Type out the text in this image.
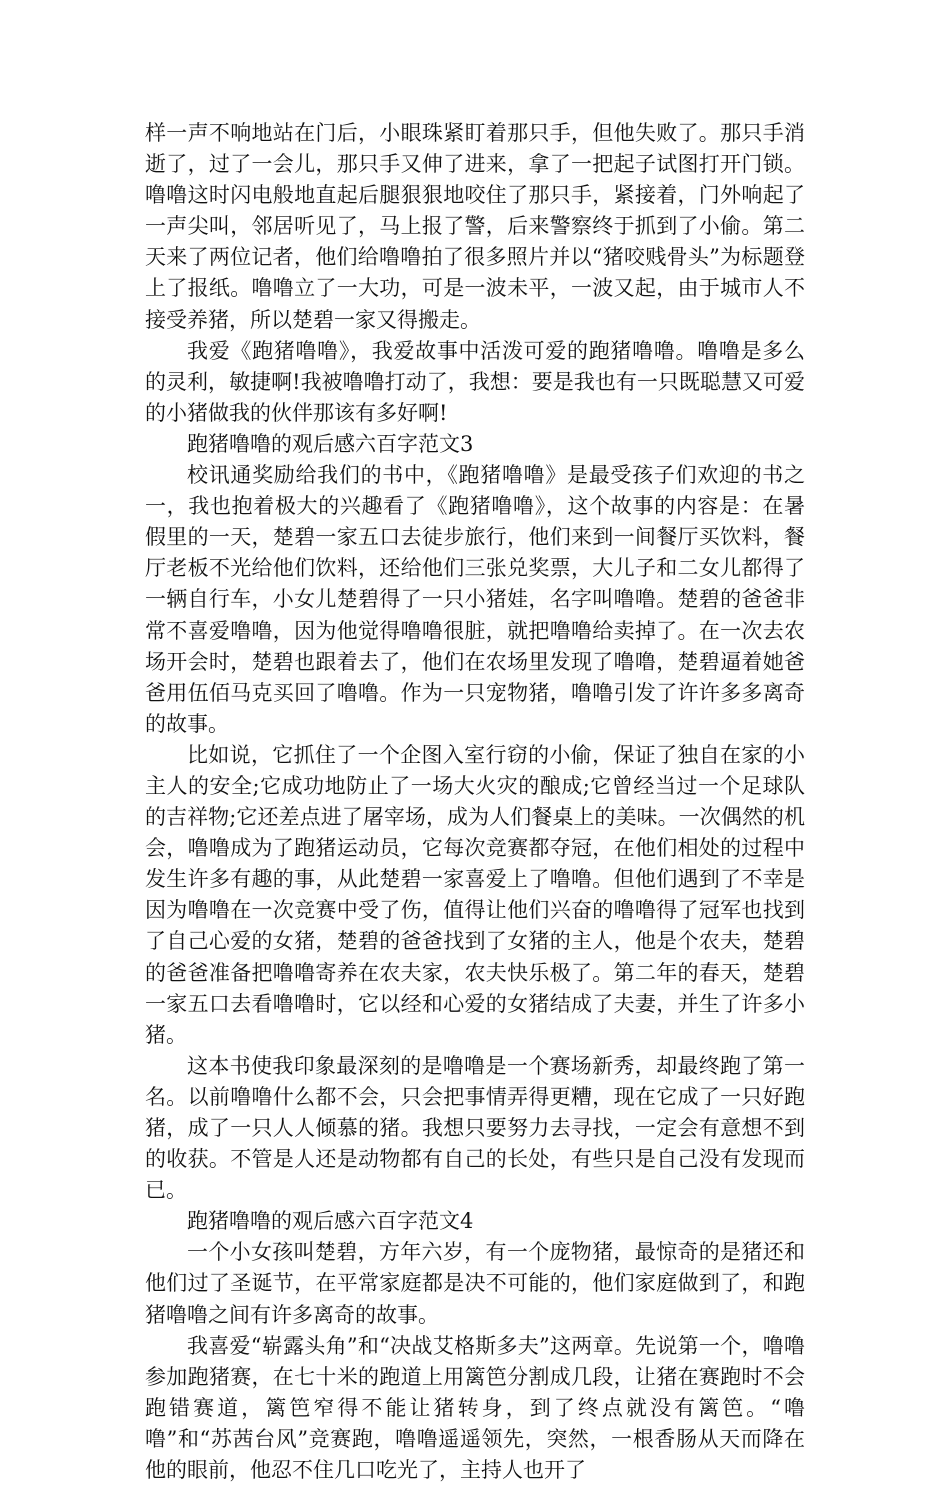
样一声不响地站在门后，小眼珠紧盯着那只手，但他失败了。那只手消逝了，过了一会儿，那只手又伸了进来，拿了一把起子试图打开门锁。噜噜这时闪电般地直起后腿狠狠地咬住了那只手，紧接着，门外响起了一声尖叫，邻居听见了，马上报了警，后来警察终于抓到了小偷。第二天来了两位记者，他们给噜噜拍了很多照片并以“猪咬贱骨头”为标题登上了报纸。噜噜立了一大功，可是一波未平，一波又起，由于城市人不接受养猪，所以楚碧一家又得搬走。

我爱《跑猪噜噜》，我爱故事中活泼可爱的跑猪噜噜。噜噜是多么的灵利，敏捷啊!我被噜噜打动了，我想：要是我也有一只既聪慧又可爱的小猪做我的伙伴那该有多好啊!

跑猪噜噜的观后感六百字范文3

校讯通奖励给我们的书中，《跑猪噜噜》是最受孩子们欢迎的书之一，我也抱着极大的兴趣看了《跑猪噜噜》，这个故事的内容是：在暑假里的一天，楚碧一家五口去徒步旅行，他们来到一间餐厅买饮料，餐厅老板不光给他们饮料，还给他们三张兑奖票，大儿子和二女儿都得了一辆自行车，小女儿楚碧得了一只小猪娃，名字叫噜噜。楚碧的爸爸非常不喜爱噜噜，因为他觉得噜噜很脏，就把噜噜给卖掉了。在一次去农场开会时，楚碧也跟着去了，他们在农场里发现了噜噜，楚碧逼着她爸爸用伍佰马克买回了噜噜。作为一只宠物猪，噜噜引发了许许多多离奇的故事。

比如说，它抓住了一个企图入室行窃的小偷，保证了独自在家的小主人的安全;它成功地防止了一场大火灾的酿成;它曾经当过一个足球队的吉祥物;它还差点进了屠宰场，成为人们餐桌上的美味。一次偶然的机会，噜噜成为了跑猪运动员，它每次竞赛都夺冠，在他们相处的过程中发生许多有趣的事，从此楚碧一家喜爱上了噜噜。但他们遇到了不幸是因为噜噜在一次竞赛中受了伤，值得让他们兴奋的噜噜得了冠军也找到了自己心爱的女猪，楚碧的爸爸找到了女猪的主人，他是个农夫，楚碧的爸爸准备把噜噜寄养在农夫家，农夫快乐极了。第二年的春天，楚碧一家五口去看噜噜时，它以经和心爱的女猪结成了夫妻，并生了许多小猪。

这本书使我印象最深刻的是噜噜是一个赛场新秀，却最终跑了第一名。以前噜噜什么都不会，只会把事情弄得更糟，现在它成了一只好跑猪，成了一只人人倾慕的猪。我想只要努力去寻找，一定会有意想不到的收获。不管是人还是动物都有自己的长处，有些只是自己没有发现而已。

跑猪噜噜的观后感六百字范文4

一个小女孩叫楚碧，方年六岁，有一个庞物猪，最惊奇的是猪还和他们过了圣诞节，在平常家庭都是决不可能的，他们家庭做到了，和跑猪噜噜之间有许多离奇的故事。

我喜爱“崭露头角”和“决战艾格斯多夫”这两章。先说第一个，噜噜参加跑猪赛，在七十米的跑道上用篱笆分割成几段，让猪在赛跑时不会跑错赛道，篱笆窄得不能让猪转身，到了终点就没有篱笆。“噜噜”和“苏茜台风”竞赛跑，噜噜遥遥领先，突然，一根香肠从天而降在他的眼前，他忍不住几口吃光了，主持人也开了
